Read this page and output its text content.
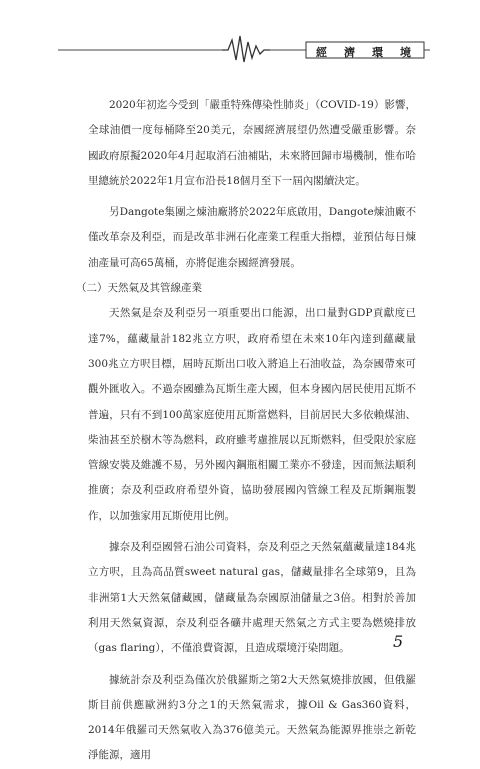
經　濟　環　境

2020年初迄今受到「嚴重特殊傳染性肺炎」（COVID-19）影響，全球油價一度每桶降至20美元，奈國經濟展望仍然遭受嚴重影響。奈國政府原擬2020年4月起取消石油補貼，未來將回歸市場機制，惟布哈里總統於2022年1月宣布沿長18個月至下一屆內閣續決定。

另Dangote集團之煉油廠將於2022年底啟用，Dangote煉油廠不僅改革奈及利亞，而是改革非洲石化產業工程重大指標，並預估每日煉油產量可高65萬桶，亦將促進奈國經濟發展。

（二）天然氣及其管線產業

天然氣是奈及利亞另一項重要出口能源，出口量對GDP貢獻度已達7%，蘊藏量計182兆立方呎，政府希望在未來10年內達到蘊藏量300兆立方呎目標，屆時瓦斯出口收入將追上石油收益，為奈國帶來可觀外匯收入。不過奈國雖為瓦斯生產大國，但本身國內居民使用瓦斯不普遍，只有不到100萬家庭使用瓦斯當燃料，目前居民大多依賴煤油、柴油甚至於樹木等為燃料，政府雖考慮推展以瓦斯燃料，但受限於家庭管線安裝及維護不易，另外國內鋼瓶相關工業亦不發達，因而無法順利推廣；奈及利亞政府希望外資，協助發展國內管線工程及瓦斯鋼瓶製作，以加強家用瓦斯使用比例。

據奈及利亞國營石油公司資料，奈及利亞之天然氣蘊藏量達184兆立方呎，且為高品質sweet natural gas，儲藏量排名全球第9，且為非洲第1大天然氣儲藏國，儲藏量為奈國原油儲量之3倍。相對於善加利用天然氣資源，奈及利亞各礦井處理天然氣之方式主要為燃燒排放（gas flaring），不僅浪費資源，且造成環境汙染問題。

據統計奈及利亞為僅次於俄羅斯之第2大天然氣燒排放國，但俄羅斯目前供應歐洲約3分之1的天然氣需求，據Oil & Gas360資料，2014年俄羅司天然氣收入為376億美元。天然氣為能源界推崇之新乾淨能源，適用

5
